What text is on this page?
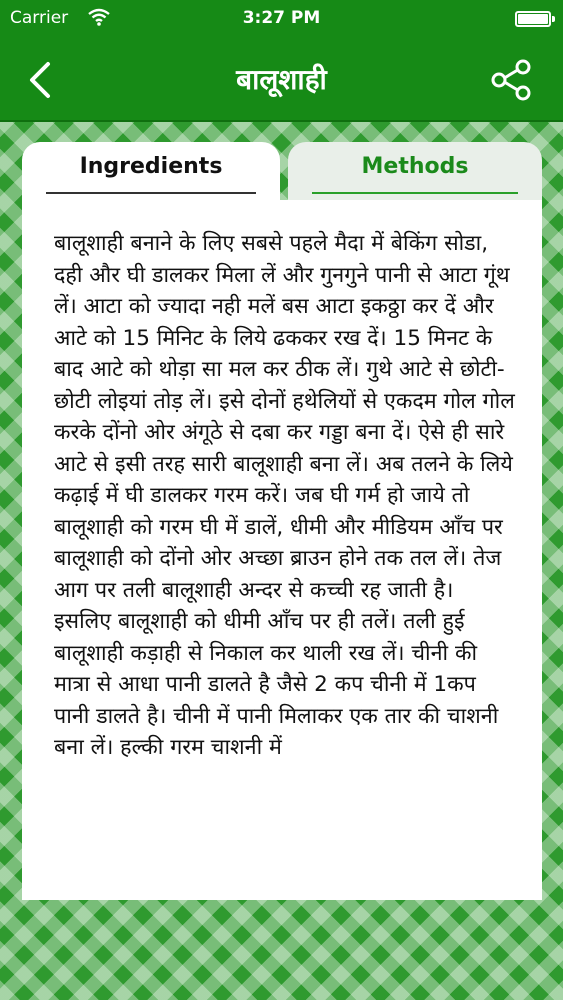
Carrier	3:27 PM
बालूशाही
Ingredients	Methods

बालूशाही बनाने के लिए सबसे पहले मैदा में बेकिंग सोडा, दही और घी डालकर मिला लें और गुनगुने पानी से आटा गूंथ लें। आटा को ज्यादा नही मलें बस आटा इकठ्ठा कर दें और आटे को 15 मिनिट के लिये ढककर रख दें। 15 मिनट के बाद आटे को थोड़ा सा मल कर ठीक लें। गुथे आटे से छोटी-छोटी लोइयां तोड़ लें। इसे दोनों हथेलियों से एकदम गोल गोल करके दोंनो ओर अंगूठे से दबा कर गड्डा बना दें। ऐसे ही सारे आटे से इसी तरह सारी बालूशाही बना लें। अब तलने के लिये कढ़ाई में घी डालकर गरम करें। जब घी गर्म हो जाये तो बालूशाही को गरम घी में डालें, धीमी और मीडियम आँच पर बालूशाही को दोंनो ओर अच्छा ब्राउन होने तक तल लें। तेज आग पर तली बालूशाही अन्दर से कच्ची रह जाती है। इसलिए बालूशाही को धीमी आँच पर ही तलें। तली हुई बालूशाही कड़ाही से निकाल कर थाली रख लें। चीनी की मात्रा से आधा पानी डालते है जैसे 2 कप चीनी में 1कप पानी डालते है। चीनी में पानी मिलाकर एक तार की चाशनी बना लें। हल्की गरम चाशनी में
